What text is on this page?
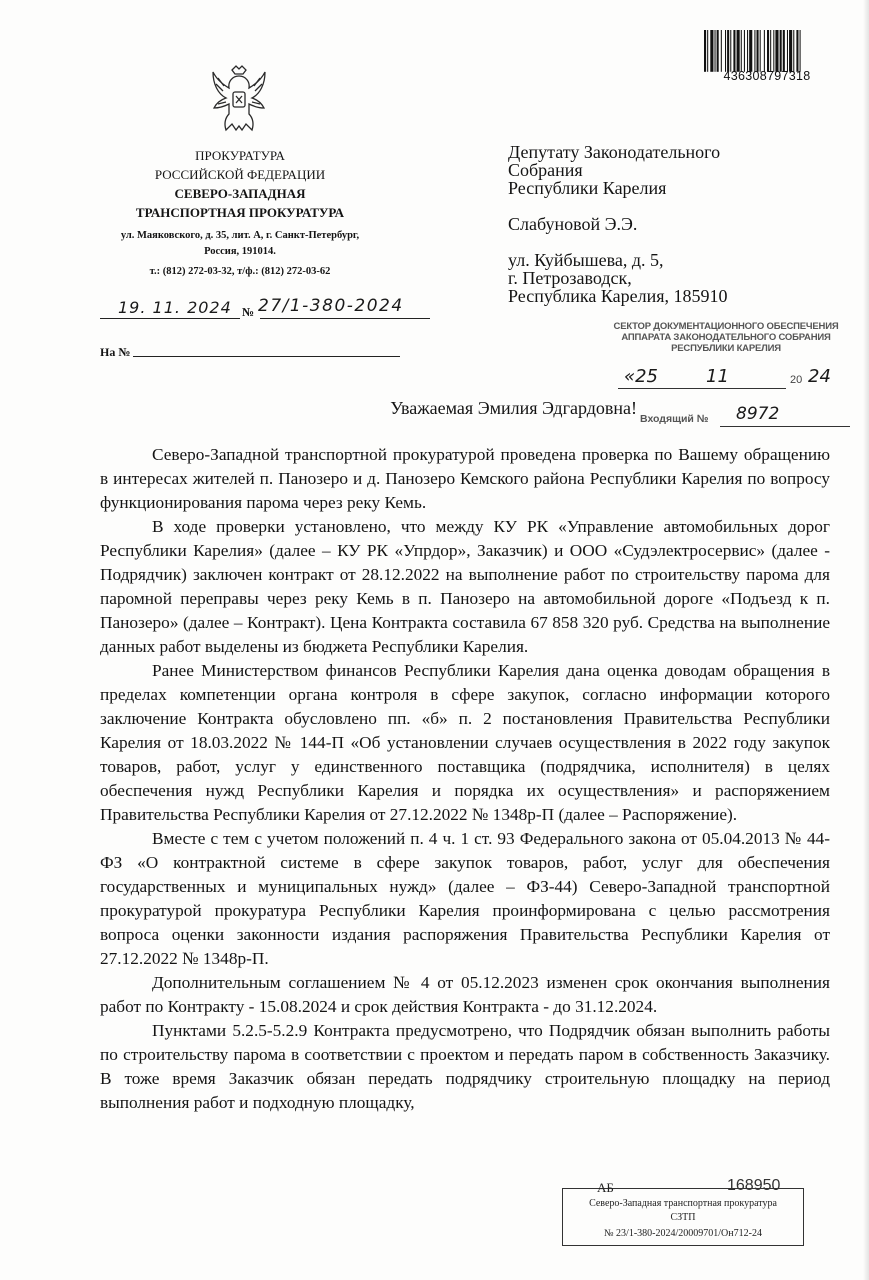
436308797318
ПРОКУРАТУРА
РОССИЙСКОЙ ФЕДЕРАЦИИ
СЕВЕРО-ЗАПАДНАЯ
ТРАНСПОРТНАЯ ПРОКУРАТУРА
ул. Маяковского, д. 35, лит. А, г. Санкт-Петербург,
Россия, 191014.
т.: (812) 272-03-32, т/ф.: (812) 272-03-62
19. 11. 2024 № 27/1-380-2024
На №
Депутату Законодательного
Собрания
Республики Карелия
Слабуновой Э.Э.
ул. Куйбышева, д. 5,
г. Петрозаводск,
Республика Карелия, 185910
СЕКТОР ДОКУМЕНТАЦИОННОГО ОБЕСПЕЧЕНИЯ
АППАРАТА ЗАКОНОДАТЕЛЬНОГО СОБРАНИЯ
РЕСПУБЛИКИ КАРЕЛИЯ
«25	11	20 24
Входящий № 8972
Уважаемая Эмилия Эдгардовна!

Северо-Западной транспортной прокуратурой проведена проверка по Вашему обращению в интересах жителей п. Панозеро и д. Панозеро Кемского района Республики Карелия по вопросу функционирования парома через реку Кемь.

В ходе проверки установлено, что между КУ РК «Управление автомобильных дорог Республики Карелия» (далее – КУ РК «Упрдор», Заказчик) и ООО «Судэлектросервис» (далее - Подрядчик) заключен контракт от 28.12.2022 на выполнение работ по строительству парома для паромной переправы через реку Кемь в п. Панозеро на автомобильной дороге «Подъезд к п. Панозеро» (далее – Контракт). Цена Контракта составила 67 858 320 руб. Средства на выполнение данных работ выделены из бюджета Республики Карелия.

Ранее Министерством финансов Республики Карелия дана оценка доводам обращения в пределах компетенции органа контроля в сфере закупок, согласно информации которого заключение Контракта обусловлено пп. «б» п. 2 постановления Правительства Республики Карелия от 18.03.2022 № 144-П «Об установлении случаев осуществления в 2022 году закупок товаров, работ, услуг у единственного поставщика (подрядчика, исполнителя) в целях обеспечения нужд Республики Карелия и порядка их осуществления» и распоряжением Правительства Республики Карелия от 27.12.2022 № 1348р-П (далее – Распоряжение).

Вместе с тем с учетом положений п. 4 ч. 1 ст. 93 Федерального закона от 05.04.2013 № 44-ФЗ «О контрактной системе в сфере закупок товаров, работ, услуг для обеспечения государственных и муниципальных нужд» (далее – ФЗ-44) Северо-Западной транспортной прокуратурой прокуратура Республики Карелия проинформирована с целью рассмотрения вопроса оценки законности издания распоряжения Правительства Республики Карелия от 27.12.2022 № 1348р-П.

Дополнительным соглашением № 4 от 05.12.2023 изменен срок окончания выполнения работ по Контракту - 15.08.2024 и срок действия Контракта - до 31.12.2024.

Пунктами 5.2.5-5.2.9 Контракта предусмотрено, что Подрядчик обязан выполнить работы по строительству парома в соответствии с проектом и передать паром в собственность Заказчику. В тоже время Заказчик обязан передать подрядчику строительную площадку на период выполнения работ и подходную площадку,

АБ	168950
Северо-Западная транспортная прокуратура
СЗТП
№ 23/1-380-2024/20009701/Он712-24
